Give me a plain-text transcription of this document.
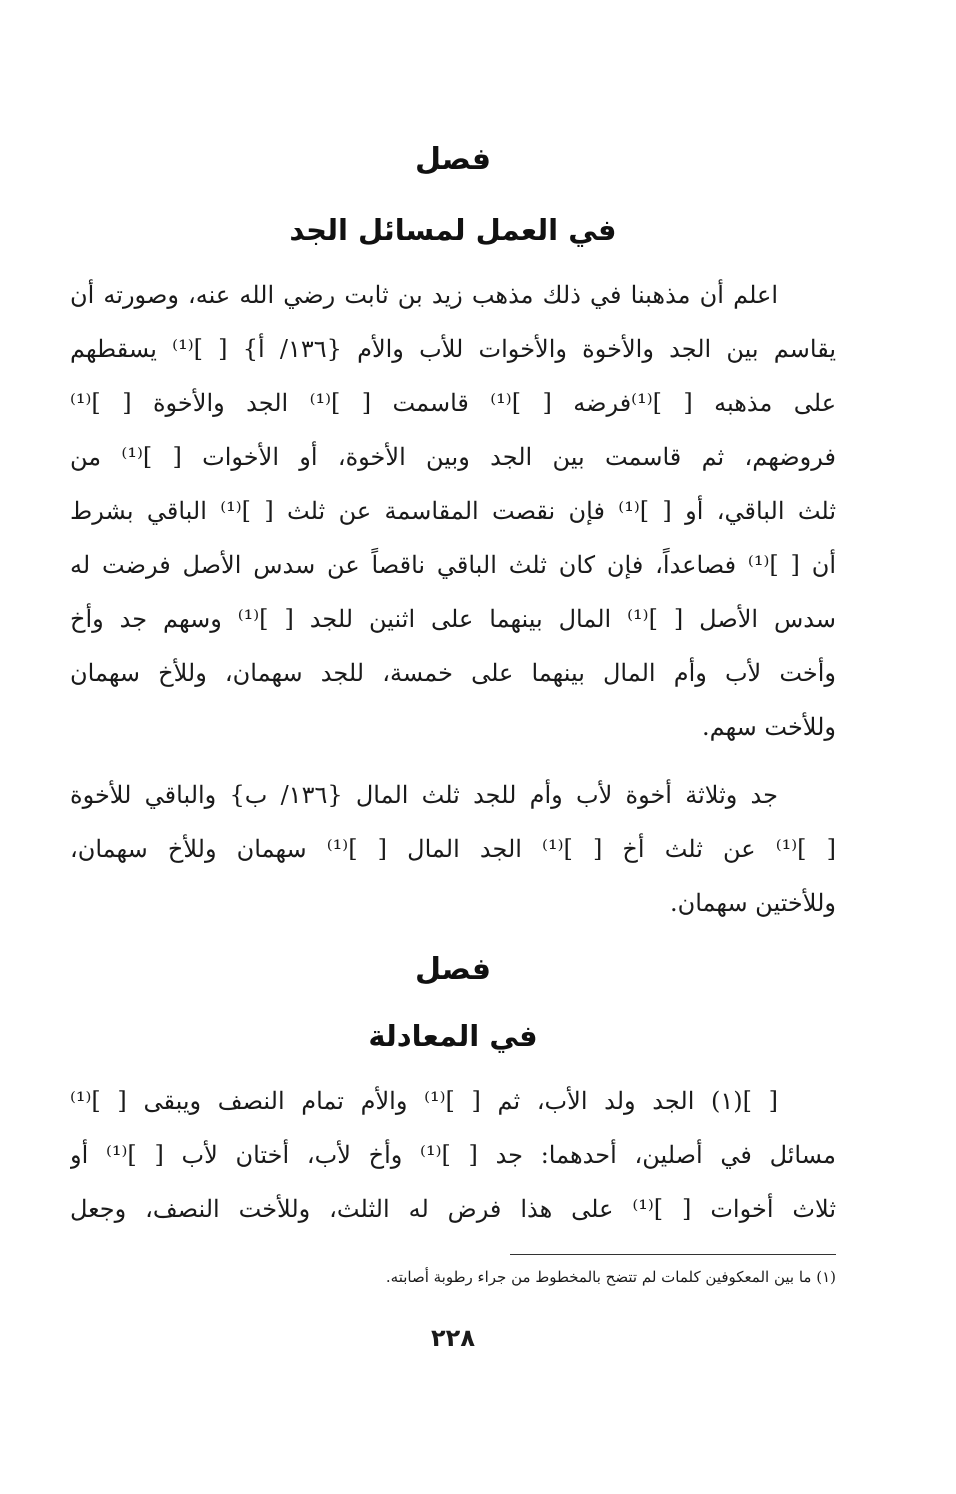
فصل
في العمل لمسائل الجد
اعلم أن مذهبنا في ذلك مذهب زيد بن ثابت رضي الله عنه، وصورته أن
يقاسم بين الجد والأخوة والأخوات للأب والأم {١٣٦/ أ} [ ]⁽¹⁾ يسقطهم
على مذهبه [ ]⁽¹⁾فرضه [ ]⁽¹⁾ قاسمت [ ]⁽¹⁾ الجد والأخوة [ ]⁽¹⁾
فروضهم، ثم قاسمت بين الجد وبين الأخوة، أو الأخوات [ ]⁽¹⁾ من
ثلث الباقي، أو [ ]⁽¹⁾ فإن نقصت المقاسمة عن ثلث [ ]⁽¹⁾ الباقي بشرط
أن [ ]⁽¹⁾ فصاعداً، فإن كان ثلث الباقي ناقصاً عن سدس الأصل فرضت له
سدس الأصل [ ]⁽¹⁾ المال بينهما على اثنين للجد [ ]⁽¹⁾ وسهم جد وأخ
وأخت لأب وأم المال بينهما على خمسة، للجد سهمان، وللأخ سهمان
وللأخت سهم.
جد وثلاثة أخوة لأب وأم للجد ثلث المال {١٣٦/ ب} والباقي للأخوة
[ ]⁽¹⁾ عن ثلث أخ [ ]⁽¹⁾ الجد المال [ ]⁽¹⁾ سهمان وللأخ سهمان،
وللأختين سهمان.
فصل
في المعادلة
[ ](١) الجد ولد الأب، ثم [ ]⁽¹⁾ والأم تمام النصف ويبقى [ ]⁽¹⁾
مسائل في أصلين، أحدهما: جد [ ]⁽¹⁾ وأخ لأب، أختان لأب [ ]⁽¹⁾ أو
ثلاث أخوات [ ]⁽¹⁾ على هذا فرض له الثلث، وللأخت النصف، وجعل
(١) ما بين المعكوفين كلمات لم تتضح بالمخطوط من جراء رطوبة أصابته.
٢٢٨
